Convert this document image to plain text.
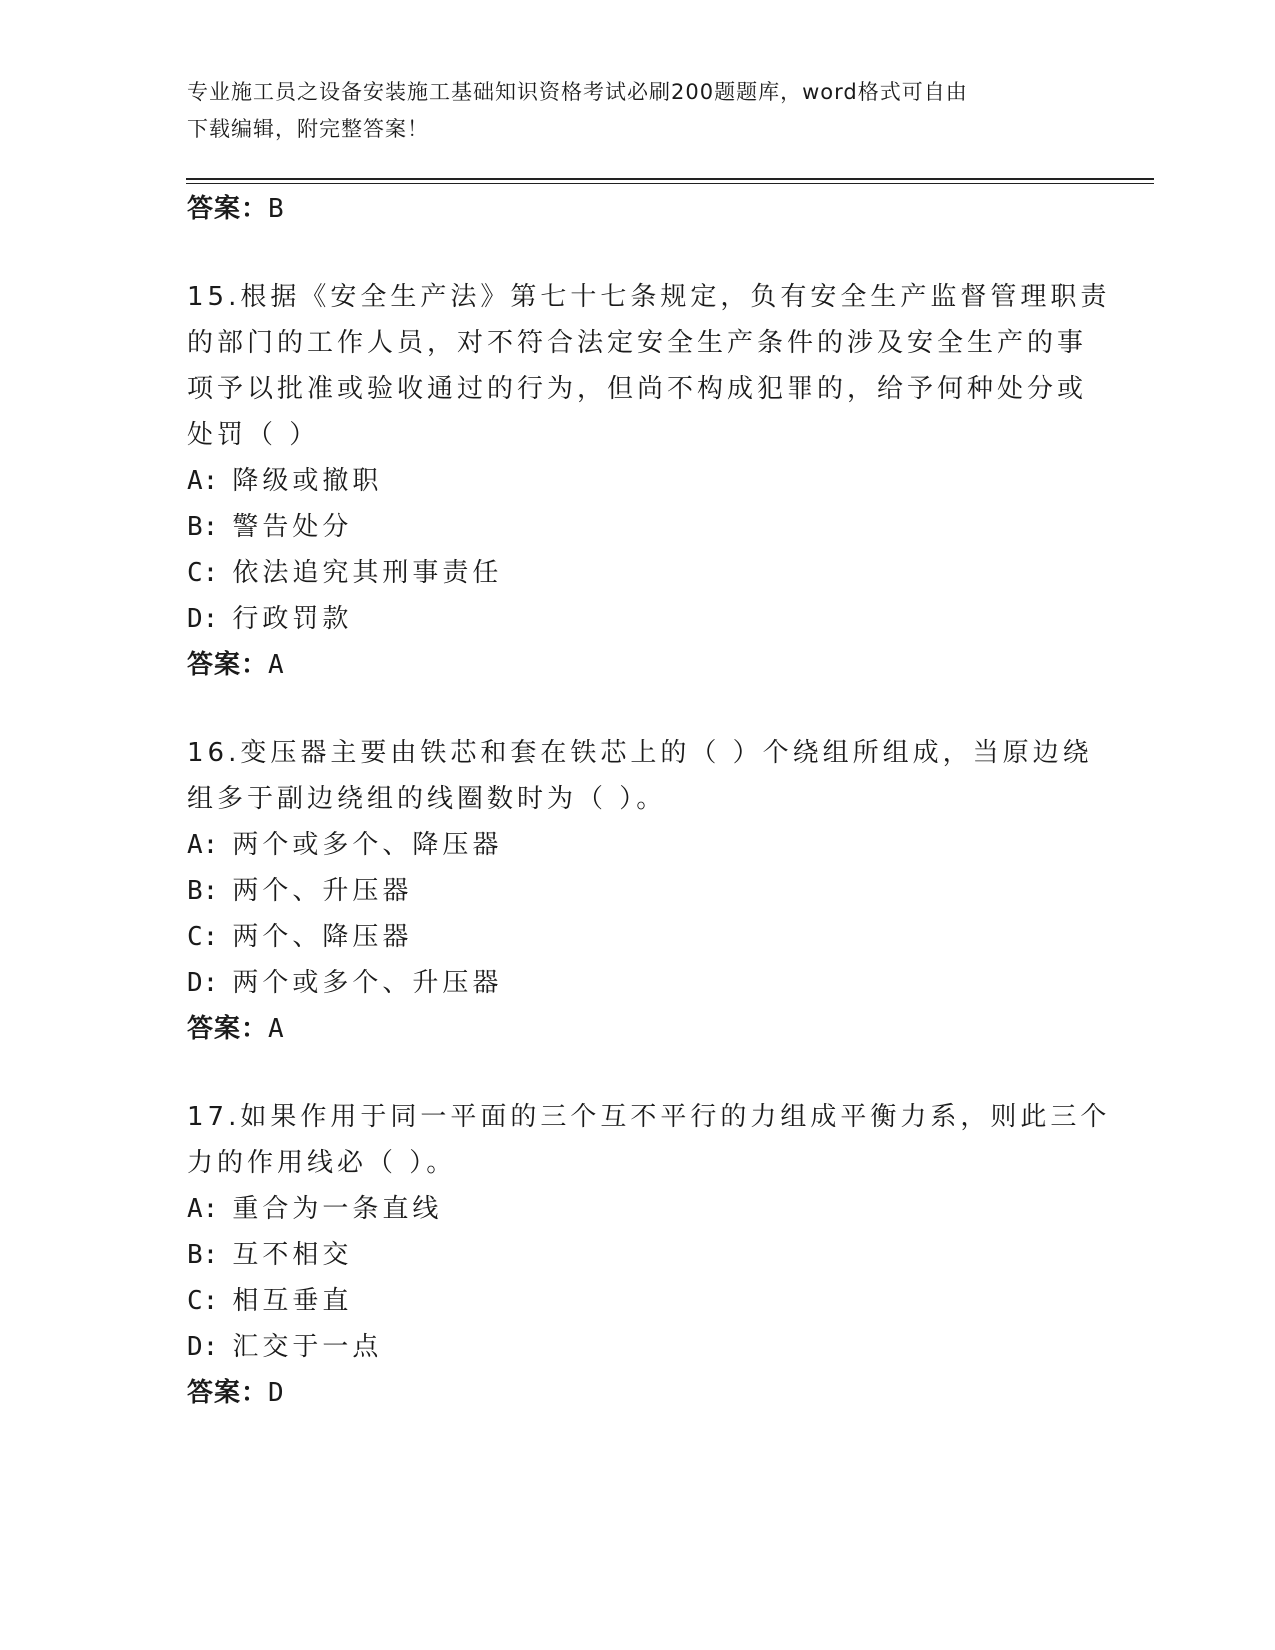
专业施工员之设备安装施工基础知识资格考试必刷200题题库，word格式可自由
下载编辑，附完整答案！
答案：B
15.根据《安全生产法》第七十七条规定，负有安全生产监督管理职责
的部门的工作人员，对不符合法定安全生产条件的涉及安全生产的事
项予以批准或验收通过的行为，但尚不构成犯罪的，给予何种处分或
处罚（ ）
A: 降级或撤职
B: 警告处分
C: 依法追究其刑事责任
D: 行政罚款
答案：A
16.变压器主要由铁芯和套在铁芯上的（ ）个绕组所组成，当原边绕
组多于副边绕组的线圈数时为（ ）。
A: 两个或多个、降压器
B: 两个、升压器
C: 两个、降压器
D: 两个或多个、升压器
答案：A
17.如果作用于同一平面的三个互不平行的力组成平衡力系，则此三个
力的作用线必（ ）。
A: 重合为一条直线
B: 互不相交
C: 相互垂直
D: 汇交于一点
答案：D
